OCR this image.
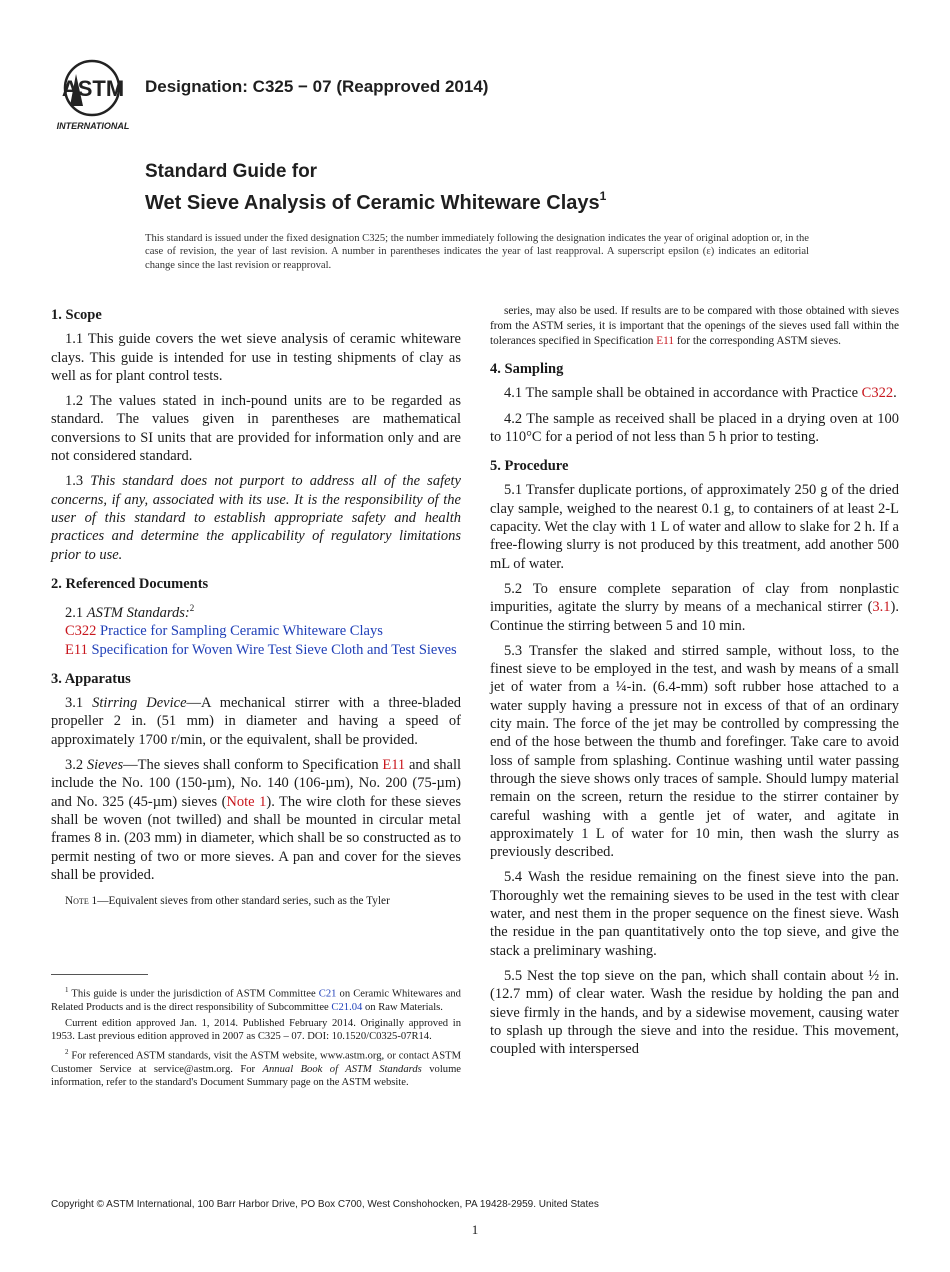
ASTM
INTERNATIONAL
Designation: C325 − 07 (Reapproved 2014)
Standard Guide for
Wet Sieve Analysis of Ceramic Whiteware Clays$^1$
This standard is issued under the fixed designation C325; the number immediately following the designation indicates the year of original adoption or, in the case of revision, the year of last revision. A number in parentheses indicates the year of last reapproval. A superscript epsilon (ε) indicates an editorial change since the last revision or reapproval.
1. Scope

1.1 This guide covers the wet sieve analysis of ceramic whiteware clays. This guide is intended for use in testing shipments of clay as well as for plant control tests.

1.2 The values stated in inch-pound units are to be regarded as standard. The values given in parentheses are mathematical conversions to SI units that are provided for information only and are not considered standard.

1.3 This standard does not purport to address all of the safety concerns, if any, associated with its use. It is the responsibility of the user of this standard to establish appropriate safety and health practices and determine the applicability of regulatory limitations prior to use.

2. Referenced Documents

2.1 ASTM Standards:$^2$

C322 Practice for Sampling Ceramic Whiteware Clays
E11 Specification for Woven Wire Test Sieve Cloth and Test Sieves
3. Apparatus

3.1 Stirring Device—A mechanical stirrer with a three-bladed propeller 2 in. (51 mm) in diameter and having a speed of approximately 1700 r/min, or the equivalent, shall be provided.

3.2 Sieves—The sieves shall conform to Specification E11 and shall include the No. 100 (150-µm), No. 140 (106-µm), No. 200 (75-µm) and No. 325 (45-µm) sieves (Note 1). The wire cloth for these sieves shall be woven (not twilled) and shall be mounted in circular metal frames 8 in. (203 mm) in diameter, which shall be so constructed as to permit nesting of two or more sieves. A pan and cover for the sieves shall be provided.

Note 1—Equivalent sieves from other standard series, such as the Tyler

series, may also be used. If results are to be compared with those obtained with sieves from the ASTM series, it is important that the openings of the sieves used fall within the tolerances specified in Specification E11 for the corresponding ASTM sieves.

4. Sampling

4.1 The sample shall be obtained in accordance with Practice C322.

4.2 The sample as received shall be placed in a drying oven at 100 to 110°C for a period of not less than 5 h prior to testing.

5. Procedure

5.1 Transfer duplicate portions, of approximately 250 g of the dried clay sample, weighed to the nearest 0.1 g, to containers of at least 2-L capacity. Wet the clay with 1 L of water and allow to slake for 2 h. If a free-flowing slurry is not produced by this treatment, add another 500 mL of water.

5.2 To ensure complete separation of clay from nonplastic impurities, agitate the slurry by means of a mechanical stirrer (3.1). Continue the stirring between 5 and 10 min.

5.3 Transfer the slaked and stirred sample, without loss, to the finest sieve to be employed in the test, and wash by means of a small jet of water from a ¼-in. (6.4-mm) soft rubber hose attached to a water supply having a pressure not in excess of that of an ordinary city main. The force of the jet may be controlled by compressing the end of the hose between the thumb and forefinger. Take care to avoid loss of sample from splashing. Continue washing until water passing through the sieve shows only traces of sample. Should lumpy material remain on the screen, return the residue to the stirrer container by careful washing with a gentle jet of water, and agitate in approximately 1 L of water for 10 min, then wash the slurry as previously described.

5.4 Wash the residue remaining on the finest sieve into the pan. Thoroughly wet the remaining sieves to be used in the test with clear water, and nest them in the proper sequence on the finest sieve. Wash the residue in the pan quantitatively onto the top sieve, and give the stack a preliminary washing.

5.5 Nest the top sieve on the pan, which shall contain about ½ in. (12.7 mm) of clear water. Wash the residue by holding the pan and sieve firmly in the hands, and by a sidewise movement, causing water to splash up through the sieve and into the residue. This movement, coupled with interspersed

$^1$ This guide is under the jurisdiction of ASTM Committee C21 on Ceramic Whitewares and Related Products and is the direct responsibility of Subcommittee C21.04 on Raw Materials.

Current edition approved Jan. 1, 2014. Published February 2014. Originally approved in 1953. Last previous edition approved in 2007 as C325 – 07. DOI: 10.1520/C0325-07R14.

$^2$ For referenced ASTM standards, visit the ASTM website, www.astm.org, or contact ASTM Customer Service at service@astm.org. For Annual Book of ASTM Standards volume information, refer to the standard's Document Summary page on the ASTM website.

Copyright © ASTM International, 100 Barr Harbor Drive, PO Box C700, West Conshohocken, PA 19428-2959. United States
1
